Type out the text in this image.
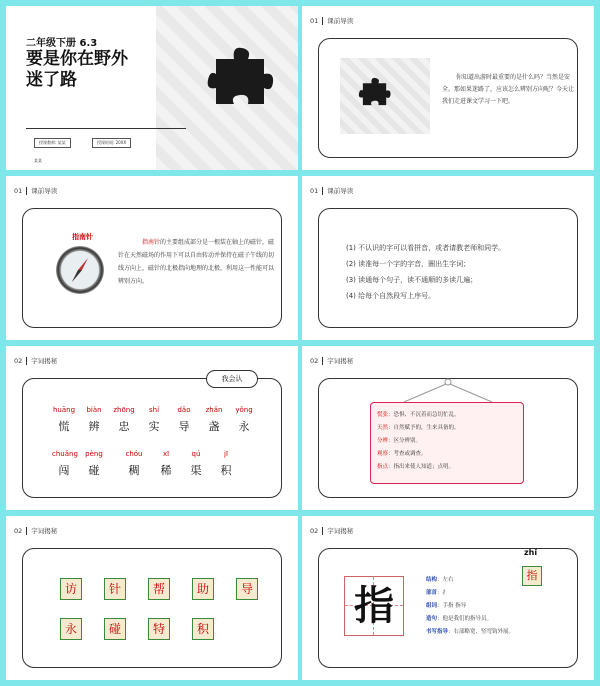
二年级下册 6.3
要是你在野外
迷了路
授课教师: 某某	授课时间: 20XX
某某
01 课前导读
你知道出游时最重要的是什么吗？当然是安全。那如果迷路了，应该怎么辨别方向呢？今天让我们走进课文学习一下吧。
01 课前导读
指南针
指南针的主要组成部分是一根装在轴上的磁针，磁针在天然磁场的作用下可以自由转动并保持在磁子午线的切线方向上，磁针的北极指向地理的北极，利用这一性能可以辨别方向。
01 课前导读
(1) 不认识的字可以看拼音，或者请教老师和同学。
(2) 读准每一个字的字音，圈出生字词；
(3) 读通每个句子，读不通顺的多读几遍；
(4) 给每个自然段写上序号。
02 字词揭秘
我会认
huāng	biàn	zhōng	shí	dǎo	zhǎn	yǒng
慌	辨	忠	实	导	盏	永
chuǎng	pèng	chóu	xī	qú	jī
闯	碰	稠	稀	渠	积
02 字词揭秘
慌张：恐惧、不沉着而急切忙乱。
天然：自然赋予的，生来具备的。
分辨：区分辨别。
观察：考查或调查。
指点：指出来使人知道；点明。
02 字词揭秘
访	针	帮	助	导
永	碰	特	积
02 字词揭秘
指
结构：左右
部首：扌
组词：手指 指导
造句：他是我们的指导员。
书写指导：右部略宽，竖弯钩外展。
zhǐ
指
